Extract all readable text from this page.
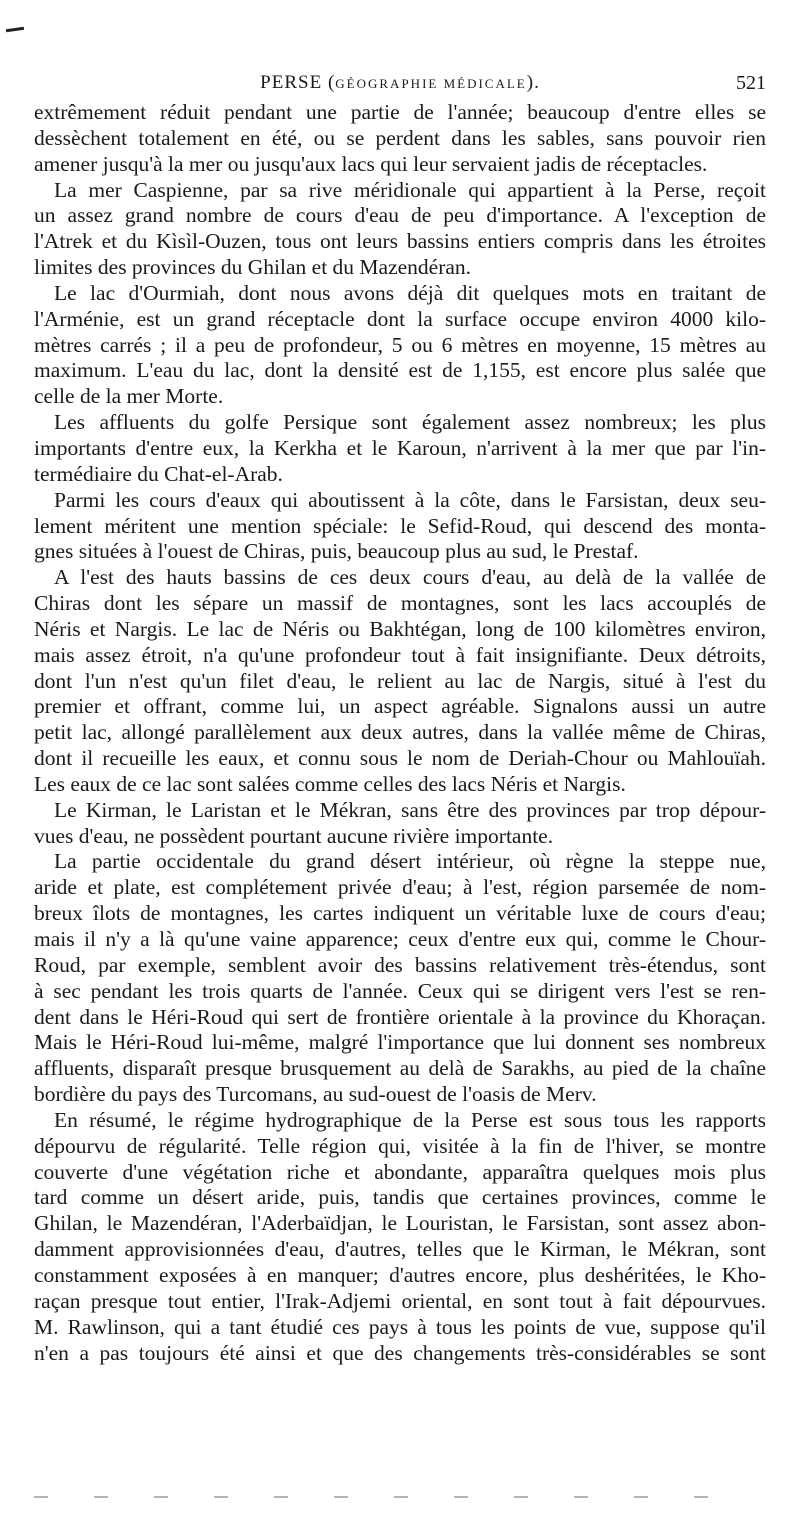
PERSE (GÉOGRAPHIE MÉDICALE).	521
extrêmement réduit pendant une partie de l'année; beaucoup d'entre elles se
dessèchent totalement en été, ou se perdent dans les sables, sans pouvoir rien
amener jusqu'à la mer ou jusqu'aux lacs qui leur servaient jadis de réceptacles.
La mer Caspienne, par sa rive méridionale qui appartient à la Perse, reçoit
un assez grand nombre de cours d'eau de peu d'importance. A l'exception de
l'Atrek et du Kìsìl-Ouzen, tous ont leurs bassins entiers compris dans les étroites
limites des provinces du Ghilan et du Mazendéran.
Le lac d'Ourmiah, dont nous avons déjà dit quelques mots en traitant de
l'Arménie, est un grand réceptacle dont la surface occupe environ 4000 kilo-
mètres carrés ; il a peu de profondeur, 5 ou 6 mètres en moyenne, 15 mètres au
maximum. L'eau du lac, dont la densité est de 1,155, est encore plus salée que
celle de la mer Morte.
Les affluents du golfe Persique sont également assez nombreux; les plus
importants d'entre eux, la Kerkha et le Karoun, n'arrivent à la mer que par l'in-
termédiaire du Chat-el-Arab.
Parmi les cours d'eaux qui aboutissent à la côte, dans le Farsistan, deux seu-
lement méritent une mention spéciale: le Sefid-Roud, qui descend des monta-
gnes situées à l'ouest de Chiras, puis, beaucoup plus au sud, le Prestaf.
A l'est des hauts bassins de ces deux cours d'eau, au delà de la vallée de
Chiras dont les sépare un massif de montagnes, sont les lacs accouplés de
Néris et Nargis. Le lac de Néris ou Bakhtégan, long de 100 kilomètres environ,
mais assez étroit, n'a qu'une profondeur tout à fait insignifiante. Deux détroits,
dont l'un n'est qu'un filet d'eau, le relient au lac de Nargis, situé à l'est du
premier et offrant, comme lui, un aspect agréable. Signalons aussi un autre
petit lac, allongé parallèlement aux deux autres, dans la vallée même de Chiras,
dont il recueille les eaux, et connu sous le nom de Deriah-Chour ou Mahlouïah.
Les eaux de ce lac sont salées comme celles des lacs Néris et Nargis.
Le Kirman, le Laristan et le Mékran, sans être des provinces par trop dépour-
vues d'eau, ne possèdent pourtant aucune rivière importante.
La partie occidentale du grand désert intérieur, où règne la steppe nue,
aride et plate, est complétement privée d'eau; à l'est, région parsemée de nom-
breux îlots de montagnes, les cartes indiquent un véritable luxe de cours d'eau;
mais il n'y a là qu'une vaine apparence; ceux d'entre eux qui, comme le Chour-
Roud, par exemple, semblent avoir des bassins relativement très-étendus, sont
à sec pendant les trois quarts de l'année. Ceux qui se dirigent vers l'est se ren-
dent dans le Héri-Roud qui sert de frontière orientale à la province du Khoraçan.
Mais le Héri-Roud lui-même, malgré l'importance que lui donnent ses nombreux
affluents, disparaît presque brusquement au delà de Sarakhs, au pied de la chaîne
bordière du pays des Turcomans, au sud-ouest de l'oasis de Merv.
En résumé, le régime hydrographique de la Perse est sous tous les rapports
dépourvu de régularité. Telle région qui, visitée à la fin de l'hiver, se montre
couverte d'une végétation riche et abondante, apparaîtra quelques mois plus
tard comme un désert aride, puis, tandis que certaines provinces, comme le
Ghilan, le Mazendéran, l'Aderbaïdjan, le Louristan, le Farsistan, sont assez abon-
damment approvisionnées d'eau, d'autres, telles que le Kirman, le Mékran, sont
constamment exposées à en manquer; d'autres encore, plus deshéritées, le Kho-
raçan presque tout entier, l'Irak-Adjemi oriental, en sont tout à fait dépourvues.
M. Rawlinson, qui a tant étudié ces pays à tous les points de vue, suppose qu'il
n'en a pas toujours été ainsi et que des changements très-considérables se sont
